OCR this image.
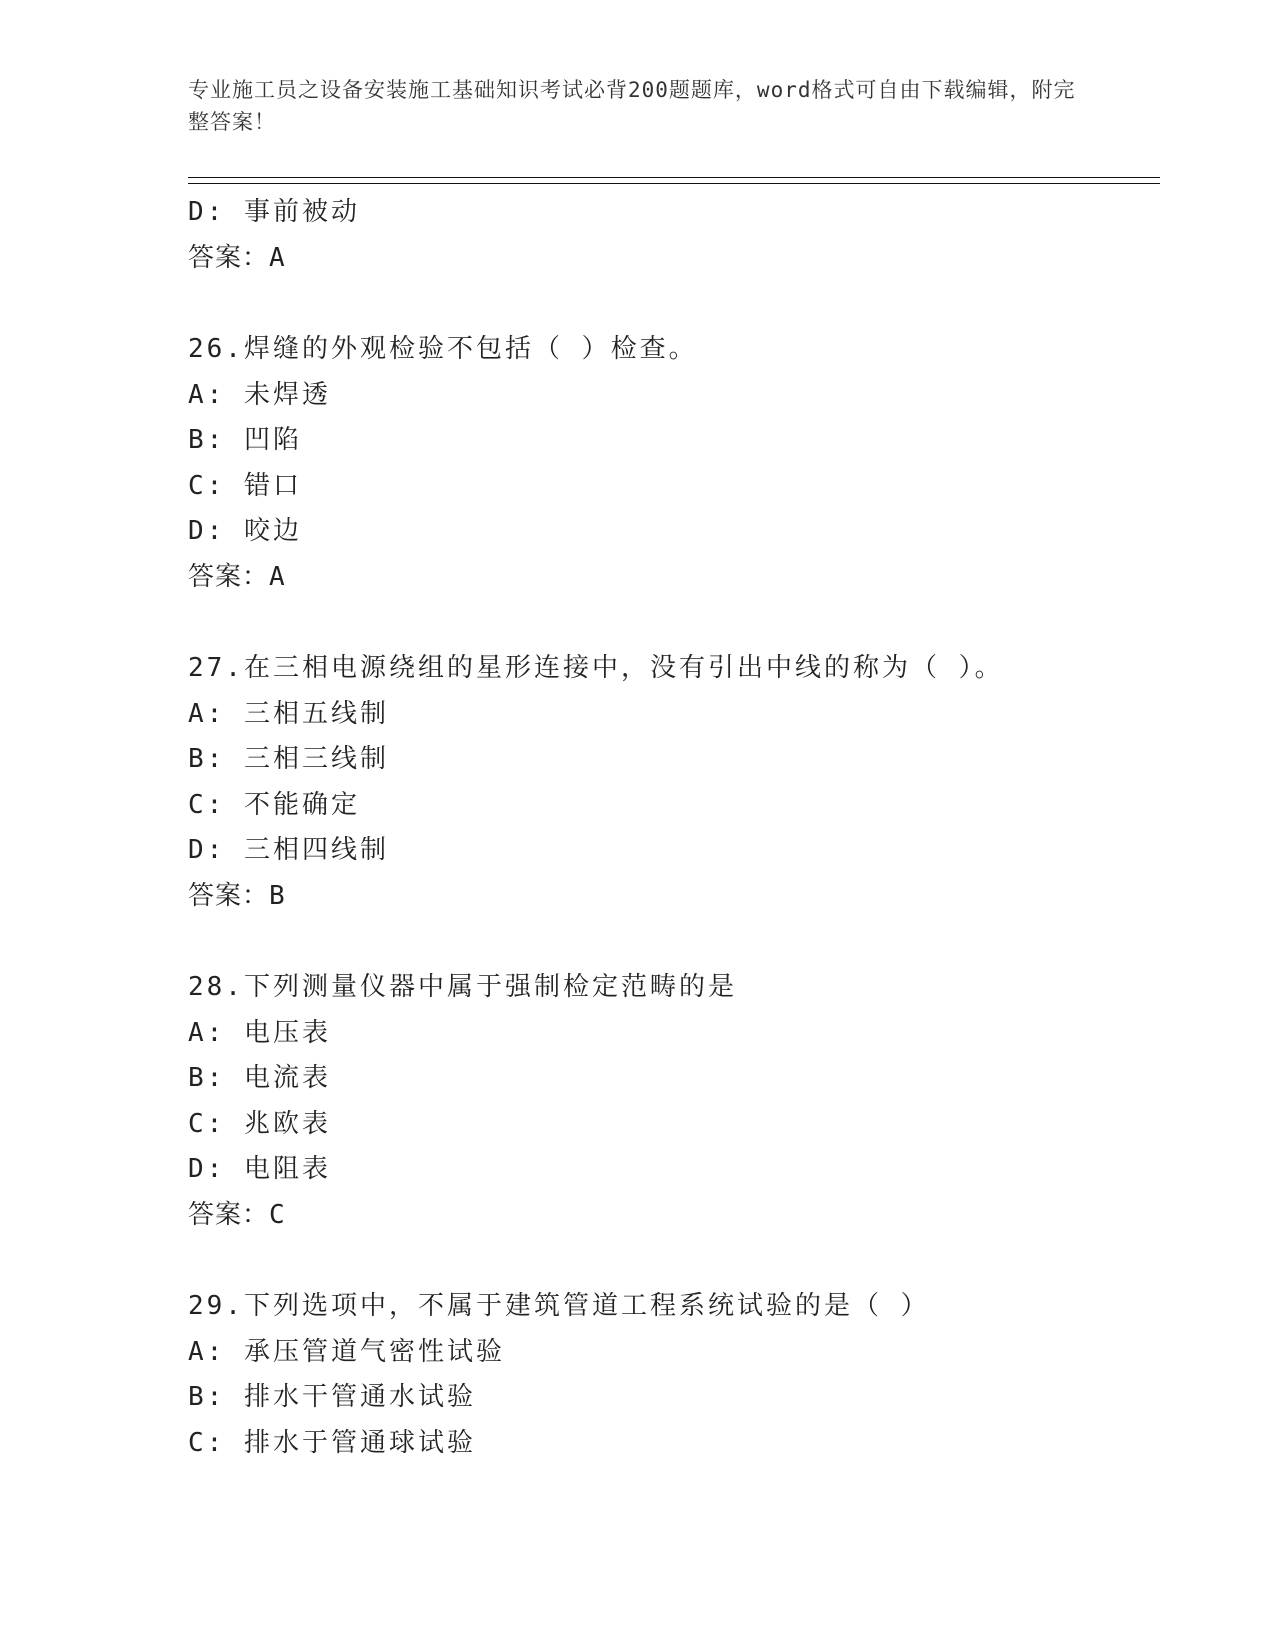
专业施工员之设备安装施工基础知识考试必背200题题库，word格式可自由下载编辑，附完整答案！
D: 事前被动
答案：A
26.焊缝的外观检验不包括（ ）检查。
A: 未焊透
B: 凹陷
C: 错口
D: 咬边
答案：A
27.在三相电源绕组的星形连接中，没有引出中线的称为（ ）。
A: 三相五线制
B: 三相三线制
C: 不能确定
D: 三相四线制
答案：B
28.下列测量仪器中属于强制检定范畴的是
A: 电压表
B: 电流表
C: 兆欧表
D: 电阻表
答案：C
29.下列选项中，不属于建筑管道工程系统试验的是（ ）
A: 承压管道气密性试验
B: 排水干管通水试验
C: 排水于管通球试验
